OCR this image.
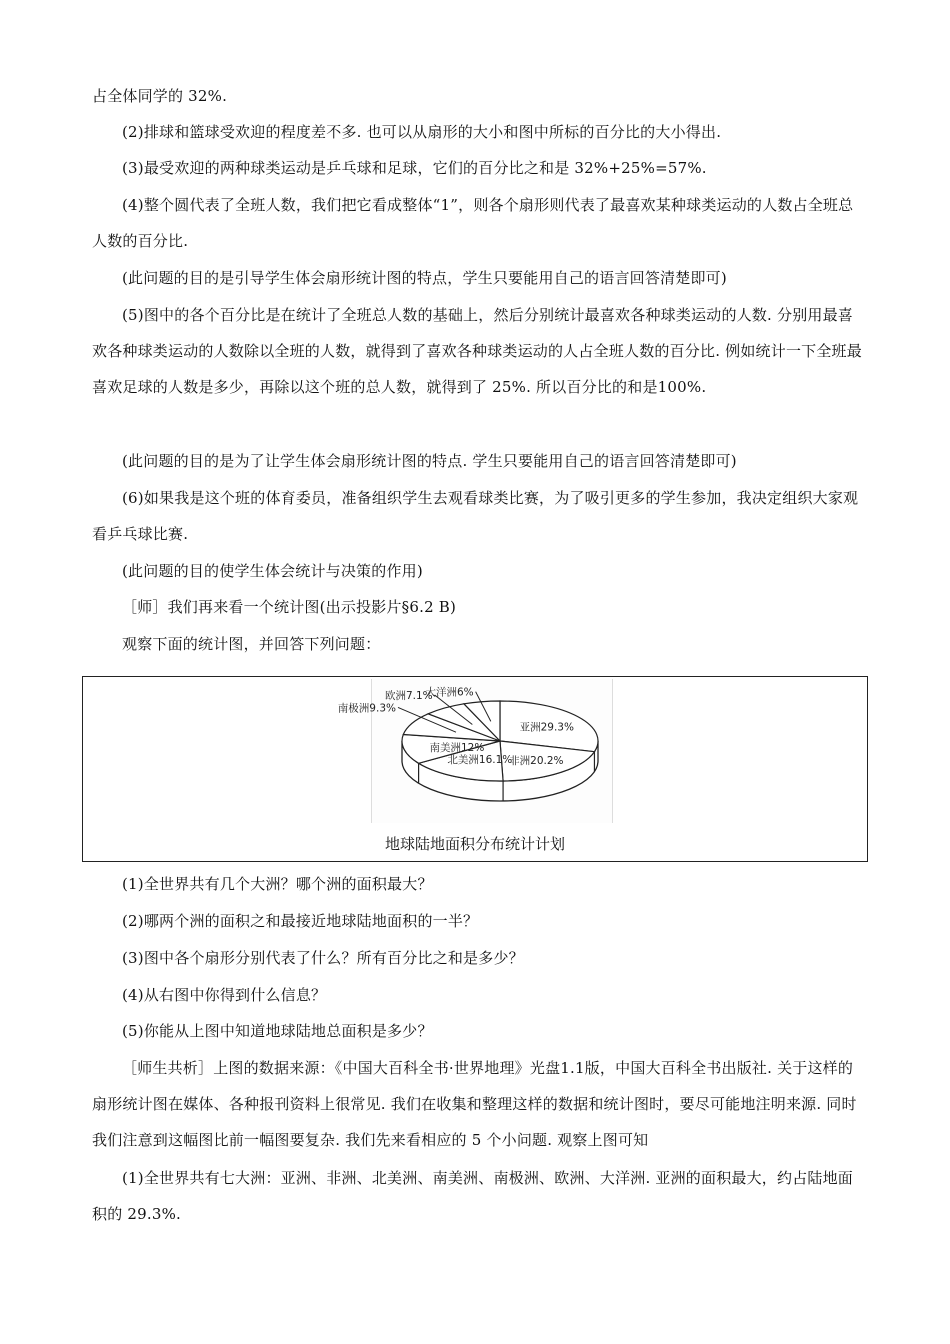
占全体同学的 32%.

(2)排球和篮球受欢迎的程度差不多. 也可以从扇形的大小和图中所标的百分比的大小得出.

(3)最受欢迎的两种球类运动是乒乓球和足球，它们的百分比之和是 32%+25%=57%.

(4)整个圆代表了全班人数，我们把它看成整体“1”，则各个扇形则代表了最喜欢某种球类运动的人数占全班总人数的百分比.

(此问题的目的是引导学生体会扇形统计图的特点，学生只要能用自己的语言回答清楚即可)

(5)图中的各个百分比是在统计了全班总人数的基础上，然后分别统计最喜欢各种球类运动的人数. 分别用最喜欢各种球类运动的人数除以全班的人数，就得到了喜欢各种球类运动的人占全班人数的百分比. 例如统计一下全班最喜欢足球的人数是多少，再除以这个班的总人数，就得到了 25%. 所以百分比的和是100%.

(此问题的目的是为了让学生体会扇形统计图的特点. 学生只要能用自己的语言回答清楚即可)

(6)如果我是这个班的体育委员，准备组织学生去观看球类比赛，为了吸引更多的学生参加，我决定组织大家观看乒乓球比赛.

(此问题的目的使学生体会统计与决策的作用)

［师］我们再来看一个统计图(出示投影片§6.2 B)

观察下面的统计图，并回答下列问题：

亚洲29.3%
非洲20.2%
北美洲16.1%
南美洲12%
南极洲9.3%
欧洲7.1%
大洋洲6%
地球陆地面积分布统计计划

(1)全世界共有几个大洲？哪个洲的面积最大？

(2)哪两个洲的面积之和最接近地球陆地面积的一半？

(3)图中各个扇形分别代表了什么？所有百分比之和是多少？

(4)从右图中你得到什么信息？

(5)你能从上图中知道地球陆地总面积是多少？

［师生共析］上图的数据来源：《中国大百科全书·世界地理》光盘1.1版，中国大百科全书出版社. 关于这样的扇形统计图在媒体、各种报刊资料上很常见. 我们在收集和整理这样的数据和统计图时，要尽可能地注明来源. 同时我们注意到这幅图比前一幅图要复杂. 我们先来看相应的 5 个小问题. 观察上图可知

(1)全世界共有七大洲：亚洲、非洲、北美洲、南美洲、南极洲、欧洲、大洋洲. 亚洲的面积最大，约占陆地面积的 29.3%.
